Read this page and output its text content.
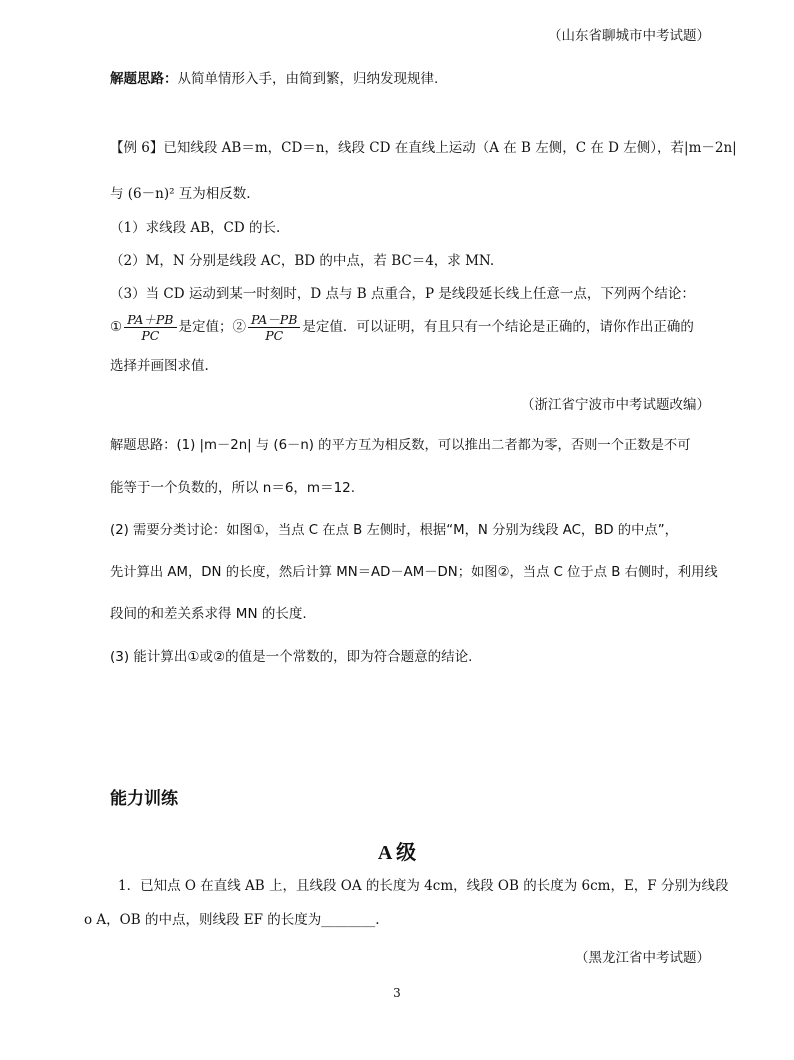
（山东省聊城市中考试题）
解题思路：从简单情形入手，由简到繁，归纳发现规律.
【例 6】已知线段 AB＝m，CD＝n，线段 CD 在直线上运动（A 在 B 左侧，C 在 D 左侧），若|m－2n|
与 (6－n)² 互为相反数.
（1）求线段 AB，CD 的长.
（2）M，N 分别是线段 AC，BD 的中点，若 BC＝4，求 MN.
（3）当 CD 运动到某一时刻时，D 点与 B 点重合，P 是线段延长线上任意一点，下列两个结论：
① $\frac{PA+PB}{PC}$ 是定值；② $\frac{PA-PB}{PC}$ 是定值．可以证明，有且只有一个结论是正确的，请你作出正确的
选择并画图求值.
（浙江省宁波市中考试题改编）
解题思路：(1) |m－2n| 与 (6－n) 的平方互为相反数，可以推出二者都为零，否则一个正数是不可
能等于一个负数的，所以 n＝6，m＝12.
(2) 需要分类讨论：如图①，当点 C 在点 B 左侧时，根据“M，N 分别为线段 AC，BD 的中点”，
先计算出 AM，DN 的长度，然后计算 MN＝AD－AM－DN；如图②，当点 C 位于点 B 右侧时，利用线
段间的和差关系求得 MN 的长度.
(3) 能计算出①或②的值是一个常数的，即为符合题意的结论.
能力训练
A 级
1．已知点 O 在直线 AB 上，且线段 OA 的长度为 4cm，线段 OB 的长度为 6cm，E，F 分别为线段
o A，OB 的中点，则线段 EF 的长度为________.
（黑龙江省中考试题）
3
